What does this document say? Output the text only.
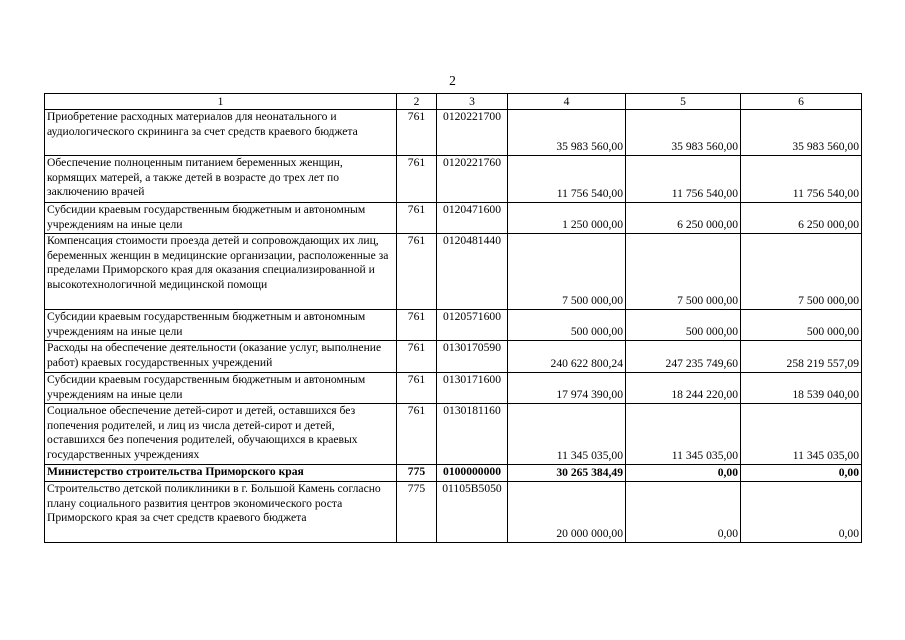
2
1	2	3	4	5	6
Приобретение расходных материалов для неонатального и аудиологического скрининга за счет средств краевого бюджета	761	0120221700	35 983 560,00	35 983 560,00	35 983 560,00
Обеспечение полноценным питанием беременных женщин, кормящих матерей, а также детей в возрасте до трех лет по заключению врачей	761	0120221760	11 756 540,00	11 756 540,00	11 756 540,00
Субсидии краевым государственным бюджетным и автономным учреждениям на иные цели	761	0120471600	1 250 000,00	6 250 000,00	6 250 000,00
Компенсация стоимости проезда детей и сопровождающих их лиц, беременных женщин в медицинские организации, расположенные за пределами Приморского края для оказания специализированной и высокотехнологичной медицинской помощи	761	0120481440	7 500 000,00	7 500 000,00	7 500 000,00
Субсидии краевым государственным бюджетным и автономным учреждениям на иные цели	761	0120571600	500 000,00	500 000,00	500 000,00
Расходы на обеспечение деятельности (оказание услуг, выполнение работ) краевых государственных учреждений	761	0130170590	240 622 800,24	247 235 749,60	258 219 557,09
Субсидии краевым государственным бюджетным и автономным учреждениям на иные цели	761	0130171600	17 974 390,00	18 244 220,00	18 539 040,00
Социальное обеспечение детей-сирот и детей, оставшихся без попечения родителей, и лиц из числа детей-сирот и детей, оставшихся без попечения родителей, обучающихся в краевых государственных учреждениях	761	0130181160	11 345 035,00	11 345 035,00	11 345 035,00
Министерство строительства Приморского края	775	0100000000	30 265 384,49	0,00	0,00
Строительство детской поликлиники в г. Большой Камень согласно плану социального развития центров экономического роста Приморского края за счет средств краевого бюджета	775	01105B5050	20 000 000,00	0,00	0,00
